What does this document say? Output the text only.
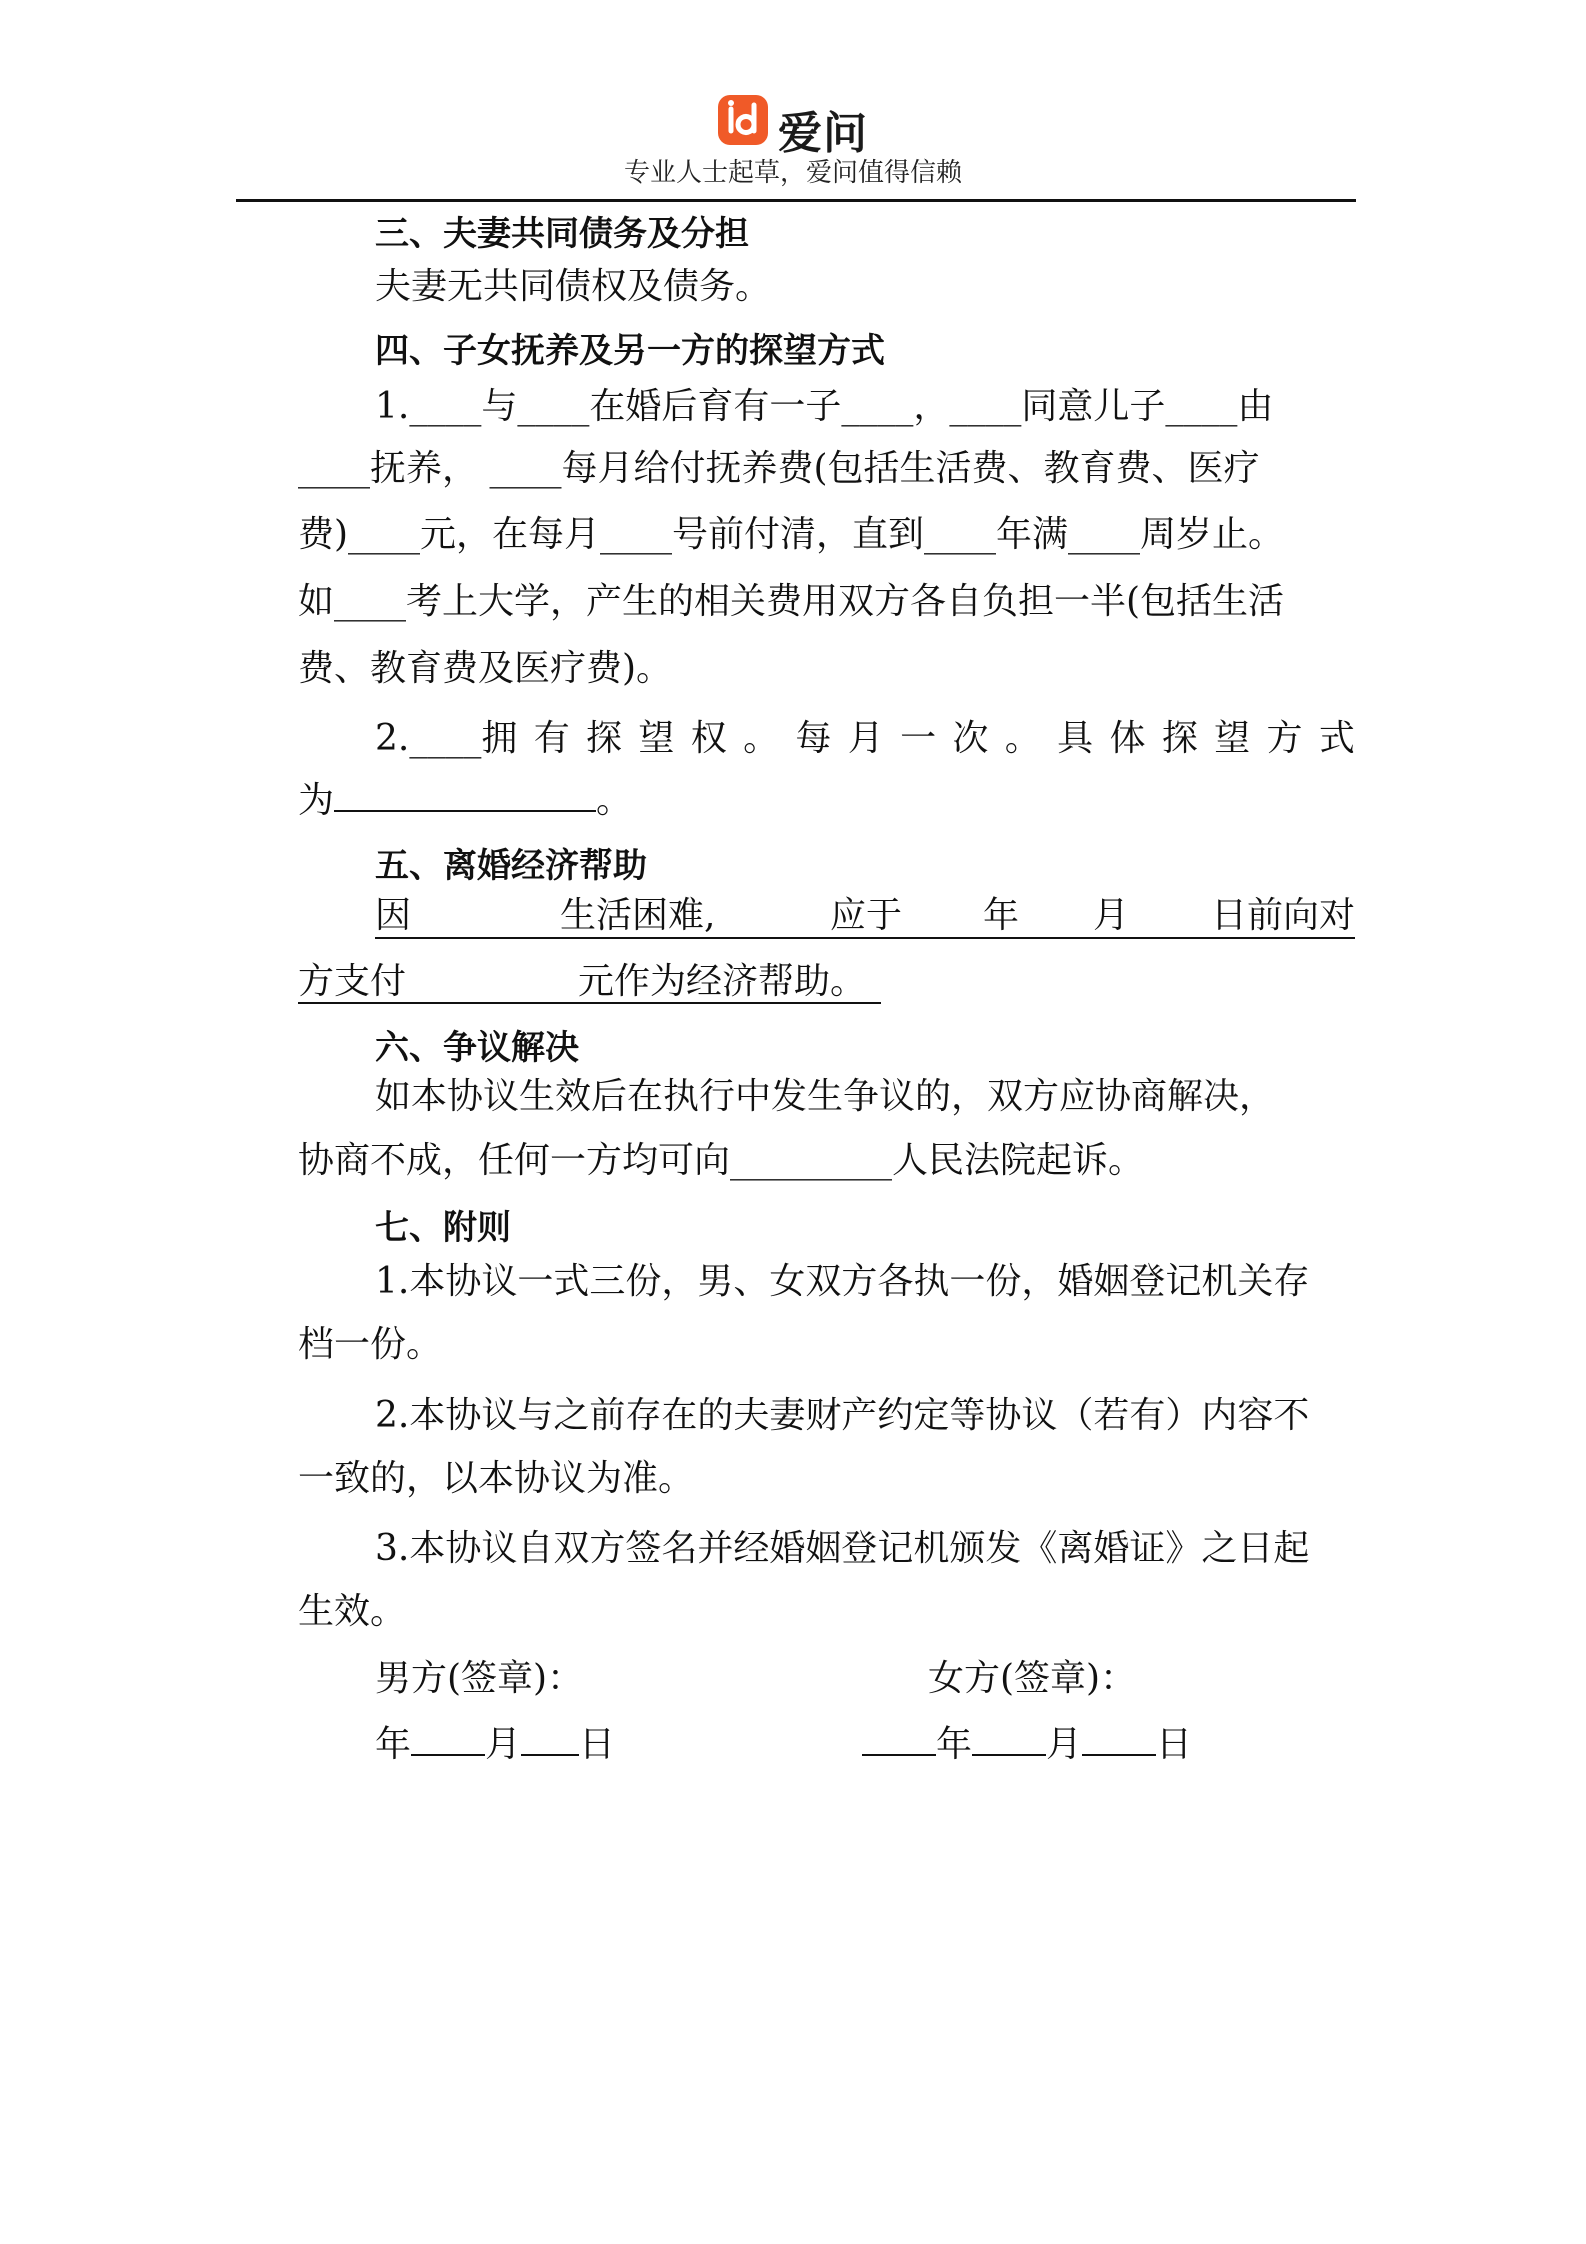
爱问
专业人士起草，爱问值得信赖
三、夫妻共同债务及分担
夫妻无共同债权及债务。
四、子女抚养及另一方的探望方式
1.____与____在婚后育有一子____，____同意儿子____由
____抚养， ____每月给付抚养费(包括生活费、教育费、医疗
费)____元，在每月____号前付清，直到____年满____周岁止。
如____考上大学，产生的相关费用双方各自负担一半(包括生活
费、教育费及医疗费)。
2.____拥 有 探 望 权 。 每 月 一 次 。 具 体 探 望 方 式
为	。
五、离婚经济帮助
因	生活困难,	应于 年 月 日前向对
方支付	元作为经济帮助。
六、争议解决
如本协议生效后在执行中发生争议的，双方应协商解决，
协商不成，任何一方均可向_________人民法院起诉。
七、附则
1.本协议一式三份，男、女双方各执一份，婚姻登记机关存
档一份。
2.本协议与之前存在的夫妻财产约定等协议（若有）内容不
一致的，以本协议为准。
3.本协议自双方签名并经婚姻登记机颁发《离婚证》之日起
生效。
男方(签章)：	女方(签章)：
年 月 日	年 月 日
